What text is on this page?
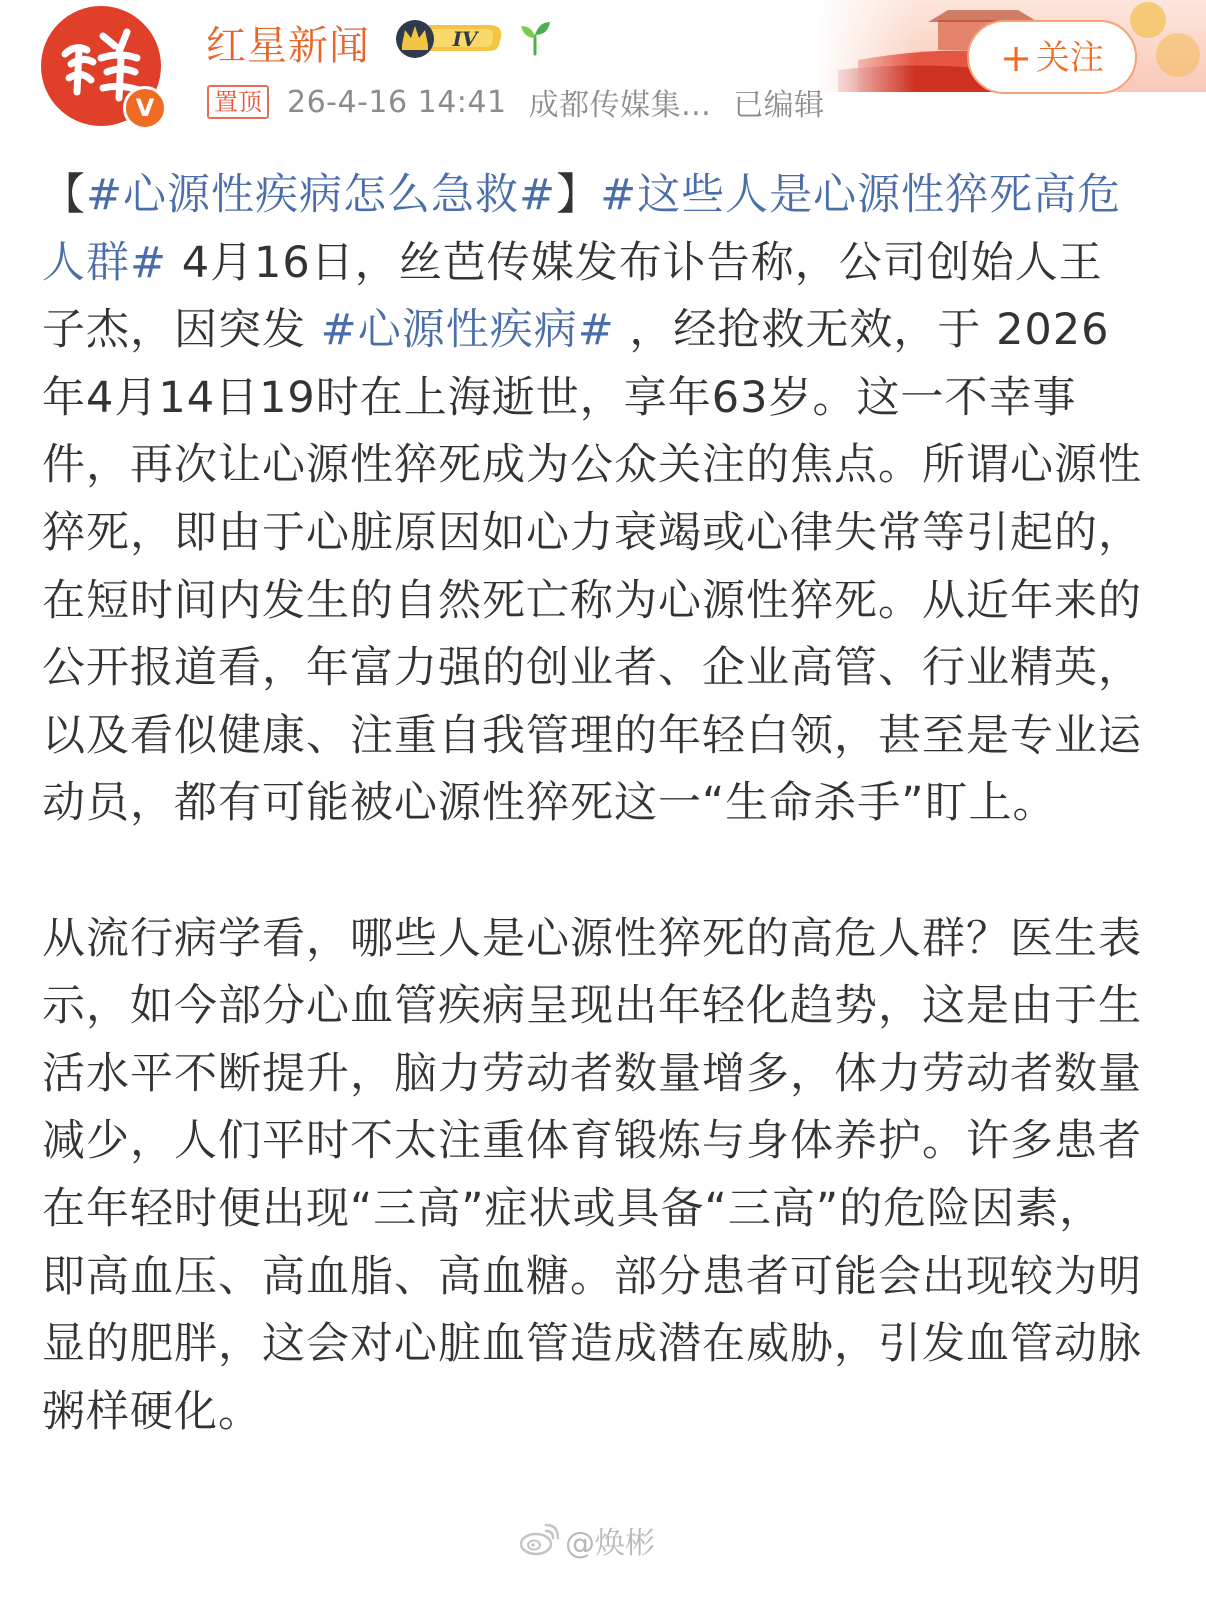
V
红星新闻	IV
置顶 26-4-16 14:41 成都传媒集... 已编辑
+ 关注

【#心源性疾病怎么急救#】#这些人是心源性猝死高危人群# 4月16日，丝芭传媒发布讣告称，公司创始人王子杰，因突发 #心源性疾病# ，经抢救无效，于 2026年4月14日19时在上海逝世，享年63岁。这一不幸事件，再次让心源性猝死成为公众关注的焦点。所谓心源性猝死，即由于心脏原因如心力衰竭或心律失常等引起的，在短时间内发生的自然死亡称为心源性猝死。从近年来的公开报道看，年富力强的创业者、企业高管、行业精英，以及看似健康、注重自我管理的年轻白领，甚至是专业运动员，都有可能被心源性猝死这一“生命杀手”盯上。

从流行病学看，哪些人是心源性猝死的高危人群？医生表示，如今部分心血管疾病呈现出年轻化趋势，这是由于生活水平不断提升，脑力劳动者数量增多，体力劳动者数量减少，人们平时不太注重体育锻炼与身体养护。许多患者在年轻时便出现“三高”症状或具备“三高”的危险因素，即高血压、高血脂、高血糖。部分患者可能会出现较为明显的肥胖，这会对心脏血管造成潜在威胁，引发血管动脉粥样硬化。

@焕彬
